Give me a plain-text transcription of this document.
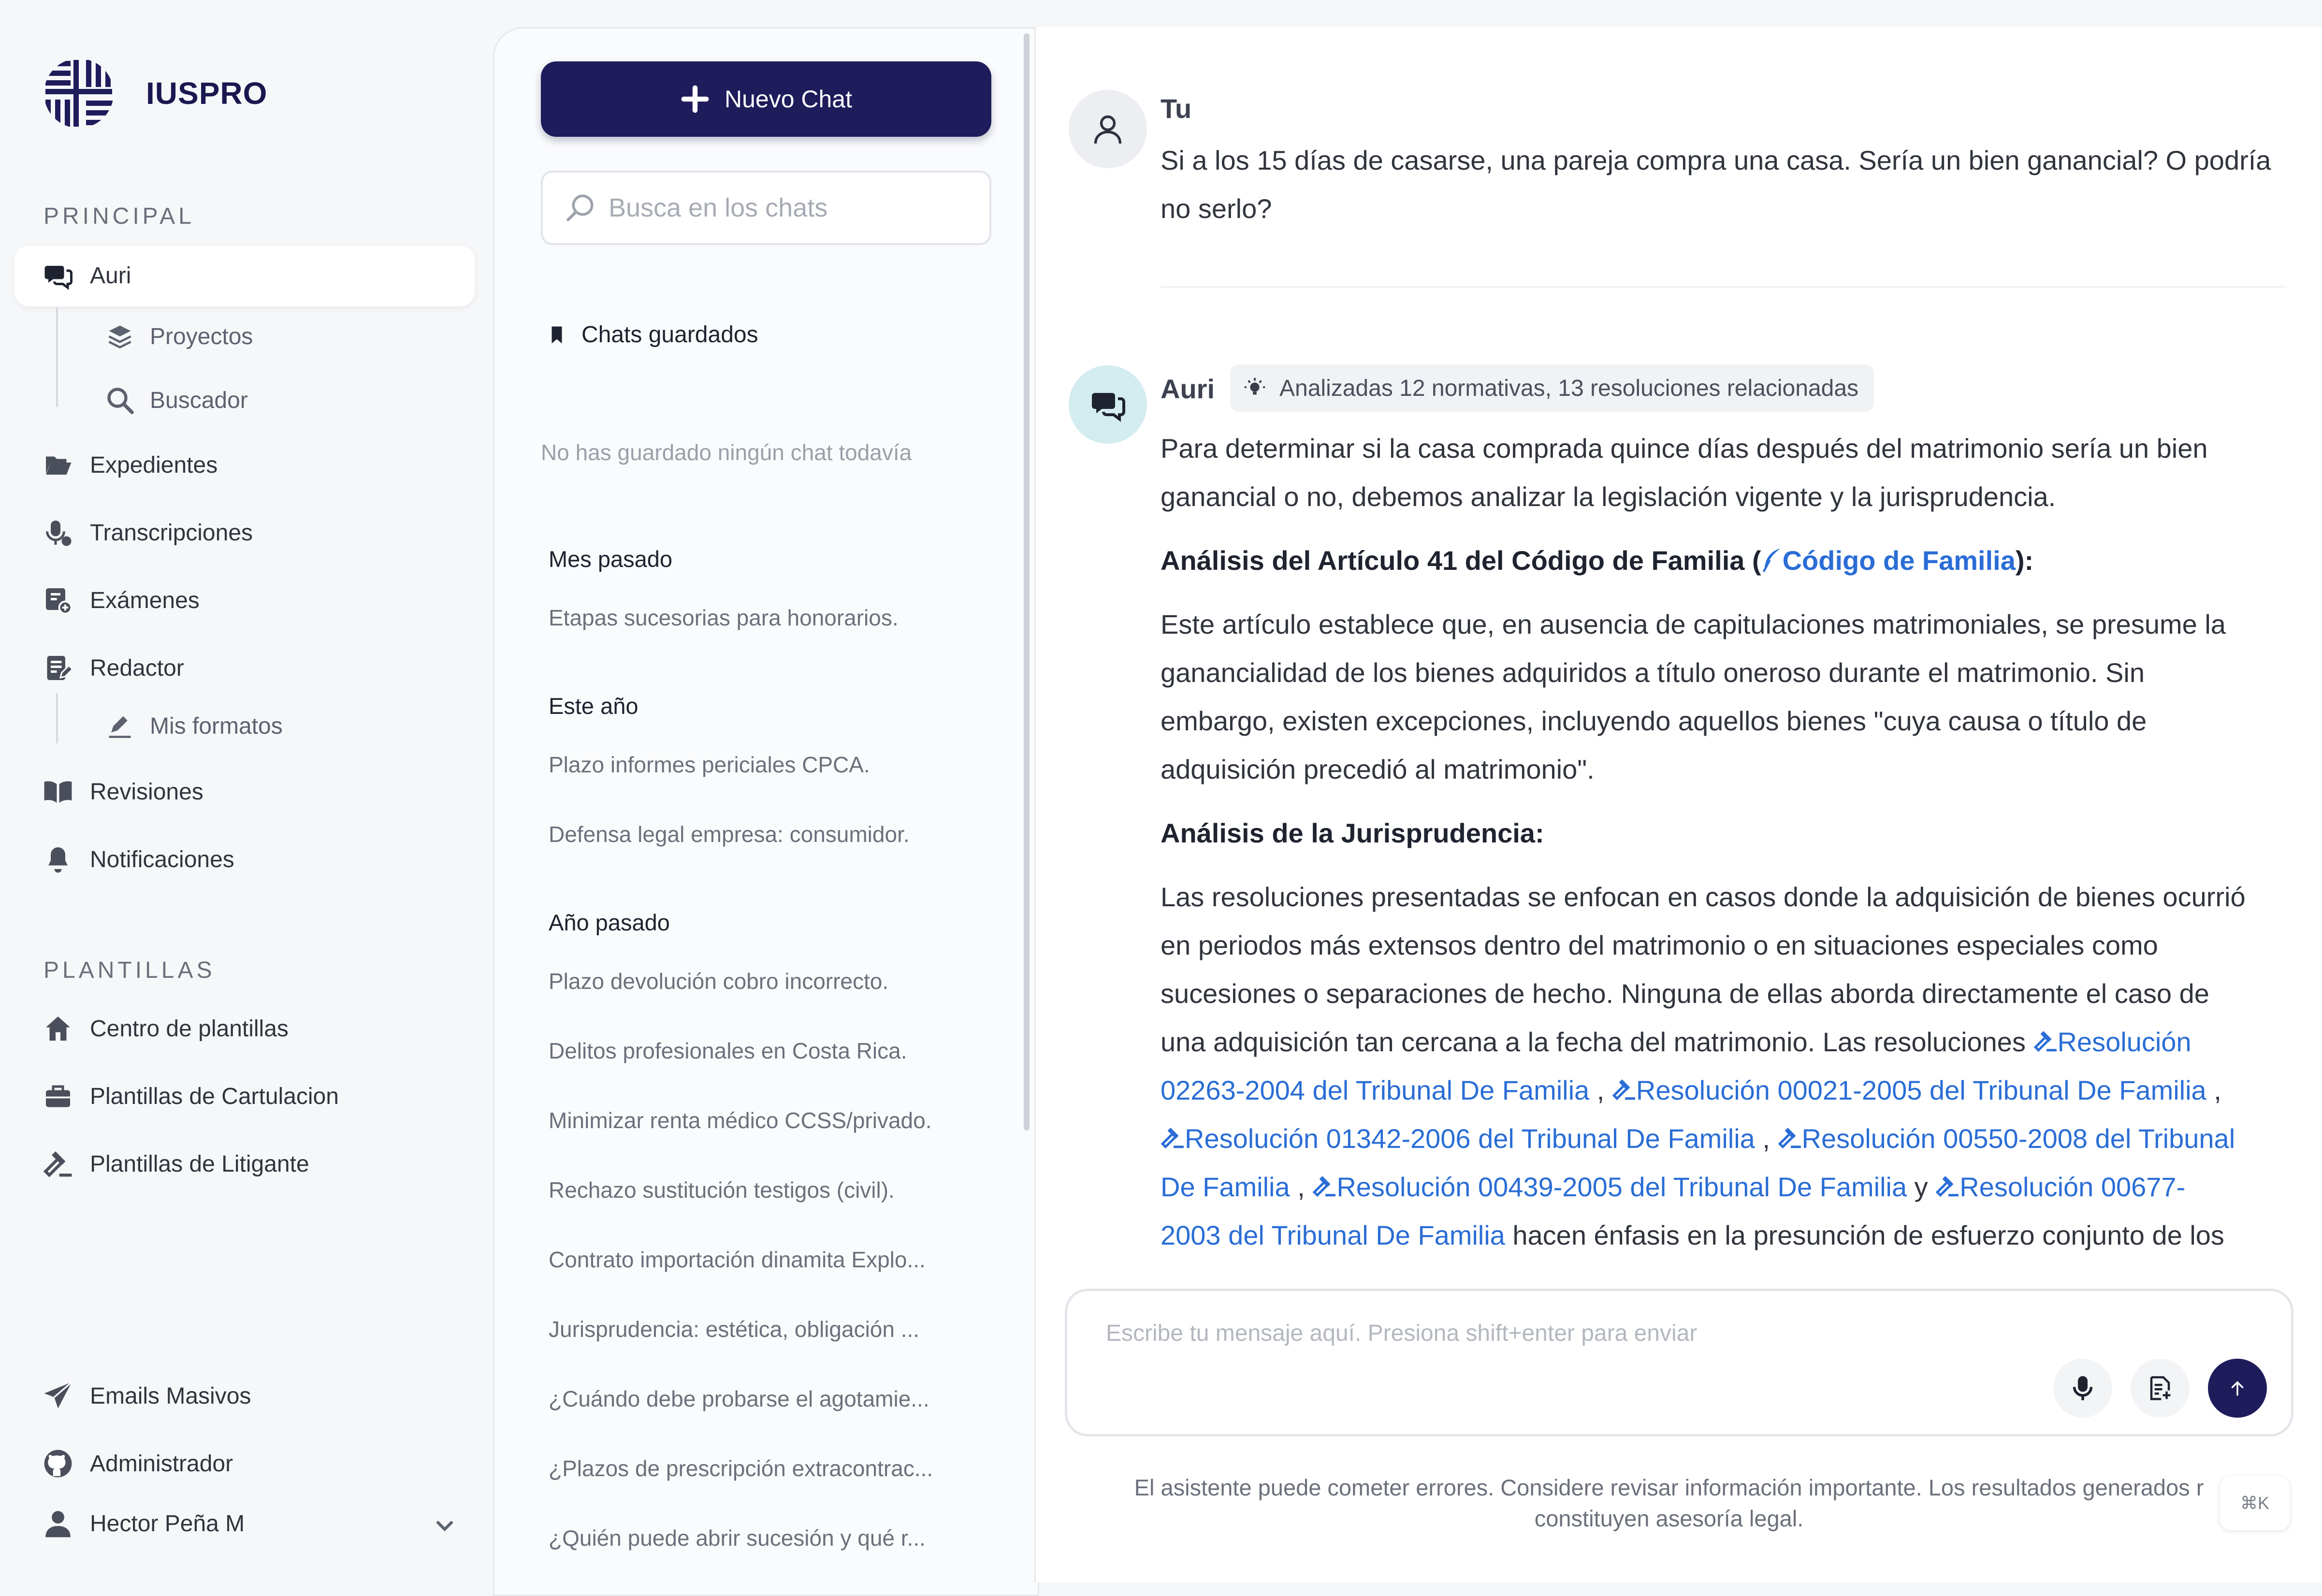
IUSPRO
PRINCIPAL
Auri
Proyectos
Buscador
Expedientes
Transcripciones
Exámenes
Redactor
Mis formatos
Revisiones
Notificaciones
PLANTILLAS
Centro de plantillas
Plantillas de Cartulacion
Plantillas de Litigante
Emails Masivos
Administrador
Hector Peña M
Nuevo Chat
Busca en los chats
Chats guardados
No has guardado ningún chat todavía
Mes pasado
Etapas sucesorias para honorarios.
Este año
Plazo informes periciales CPCA.
Defensa legal empresa: consumidor.
Año pasado
Plazo devolución cobro incorrecto.
Delitos profesionales en Costa Rica.
Minimizar renta médico CCSS/privado.
Rechazo sustitución testigos (civil).
Contrato importación dinamita Explo...
Jurisprudencia: estética, obligación ...
¿Cuándo debe probarse el agotamie...
¿Plazos de prescripción extracontrac...
¿Quién puede abrir sucesión y qué r...
Tu

Si a los 15 días de casarse, una pareja compra una casa. Sería un bien ganancial? O podría

no serlo?

Auri	Analizadas 12 normativas, 13 resoluciones relacionadas

Para determinar si la casa comprada quince días después del matrimonio sería un bien

ganancial o no, debemos analizar la legislación vigente y la jurisprudencia.

Análisis del Artículo 41 del Código de Familia ( Código de Familia):

Este artículo establece que, en ausencia de capitulaciones matrimoniales, se presume la

ganancialidad de los bienes adquiridos a título oneroso durante el matrimonio. Sin

embargo, existen excepciones, incluyendo aquellos bienes "cuya causa o título de

adquisición precedió al matrimonio".

Análisis de la Jurisprudencia:

Las resoluciones presentadas se enfocan en casos donde la adquisición de bienes ocurrió

en periodos más extensos dentro del matrimonio o en situaciones especiales como

sucesiones o separaciones de hecho. Ninguna de ellas aborda directamente el caso de

una adquisición tan cercana a la fecha del matrimonio. Las resoluciones
Resolución

02263-2004 del Tribunal De Familia ,
Resolución 00021-2005 del Tribunal De Familia ,

Resolución 01342-2006 del Tribunal De Familia ,
Resolución 00550-2008 del Tribunal

De Familia ,
Resolución 00439-2005 del Tribunal De Familia y
Resolución 00677-

2003 del Tribunal De Familia hacen énfasis en la presunción de esfuerzo conjunto de los

Escribe tu mensaje aquí. Presiona shift+enter para enviar
El asistente puede cometer errores. Considere revisar información importante. Los resultados generados r
constituyen asesoría legal.
⌘K
